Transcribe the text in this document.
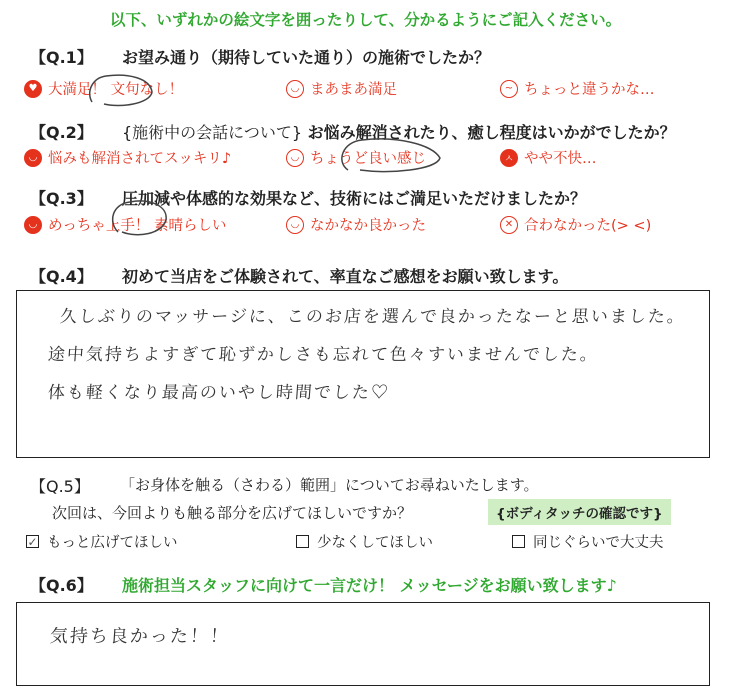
以下、いずれかの絵文字を囲ったりして、分かるようにご記入ください。
【Q.1】 お望み通り（期待していた通り）の施術でしたか？
♥ 大満足！ 文句なし！	◡ まあまあ満足	~ ちょっと違うかな…
【Q.2】 {施術中の会話について} お悩み解消されたり、癒し程度はいかがでしたか？
◡ 悩みも解消されてスッキリ♪	◡ ちょうど良い感じ	ㅅ やや不快…
【Q.3】 圧加減や体感的な効果など、技術にはご満足いただけましたか？
◡ めっちゃ上手！ 素晴らしい	◡ なかなか良かった	✕ 合わなかった(> <)
【Q.4】 初めて当店をご体験されて、率直なご感想をお願い致します。
久しぶりのマッサージに、このお店を選んで良かったなーと思いました。
途中気持ちよすぎて恥ずかしさも忘れて色々すいませんでした。
体も軽くなり最高のいやし時間でした♡
【Q.5】 「お身体を触る（さわる）範囲」についてお尋ねいたします。
次回は、今回よりも触る部分を広げてほしいですか？	{ボディタッチの確認です}
✓ もっと広げてほしい	少なくしてほしい	同じぐらいで大丈夫
【Q.6】 施術担当スタッフに向けて一言だけ！ メッセージをお願い致します♪
気持ち良かった！！
